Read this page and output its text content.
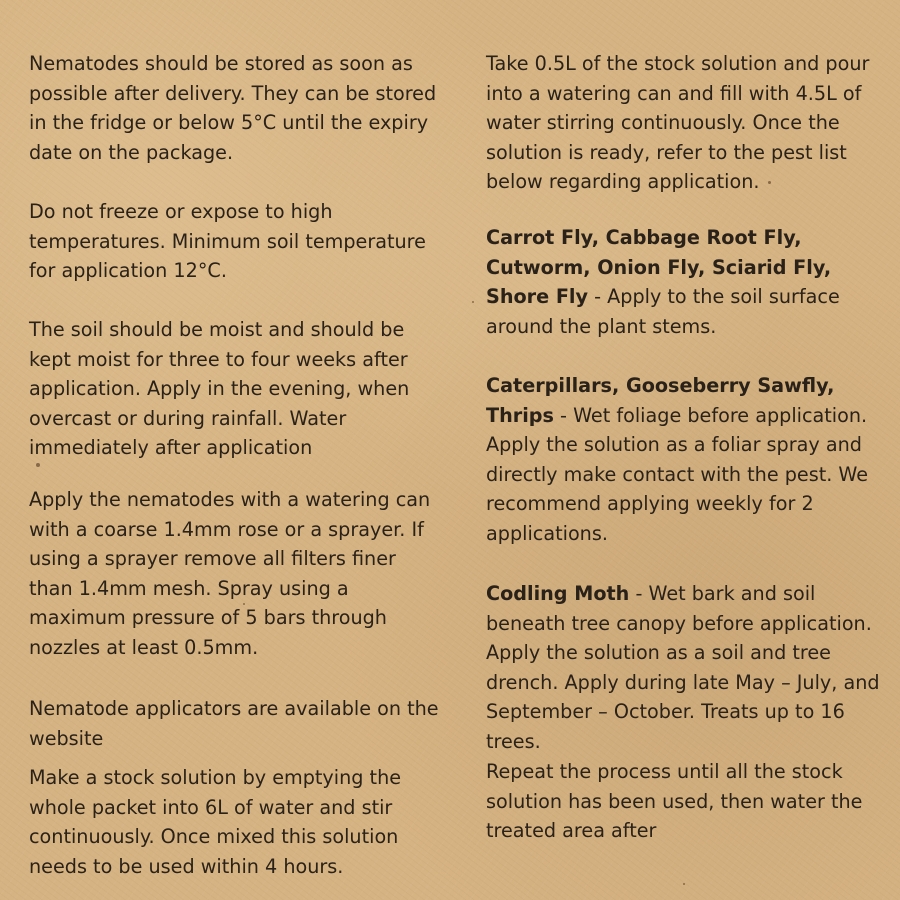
Nematodes should be stored as soon as possible after delivery. They can be stored in the fridge or below 5°C until the expiry date on the package.

Do not freeze or expose to high temperatures. Minimum soil temperature for application 12°C.

The soil should be moist and should be kept moist for three to four weeks after application. Apply in the evening, when overcast or during rainfall. Water immediately after application

Apply the nematodes with a watering can with a coarse 1.4mm rose or a sprayer. If using a sprayer remove all filters finer than 1.4mm mesh. Spray using a maximum pressure of 5 bars through nozzles at least 0.5mm.

Nematode applicators are available on the website

Make a stock solution by emptying the whole packet into 6L of water and stir continuously. Once mixed this solution needs to be used within 4 hours.

Take 0.5L of the stock solution and pour into a watering can and fill with 4.5L of water stirring continuously. Once the solution is ready, refer to the pest list below regarding application.

Carrot Fly, Cabbage Root Fly, Cutworm, Onion Fly, Sciarid Fly, Shore Fly - Apply to the soil surface around the plant stems.

Caterpillars, Gooseberry Sawfly, Thrips - Wet foliage before application. Apply the solution as a foliar spray and directly make contact with the pest. We recommend applying weekly for 2 applications.

Codling Moth - Wet bark and soil beneath tree canopy before application. Apply the solution as a soil and tree drench. Apply during late May – July, and September – October. Treats up to 16 trees.

Repeat the process until all the stock solution has been used, then water the treated area after
